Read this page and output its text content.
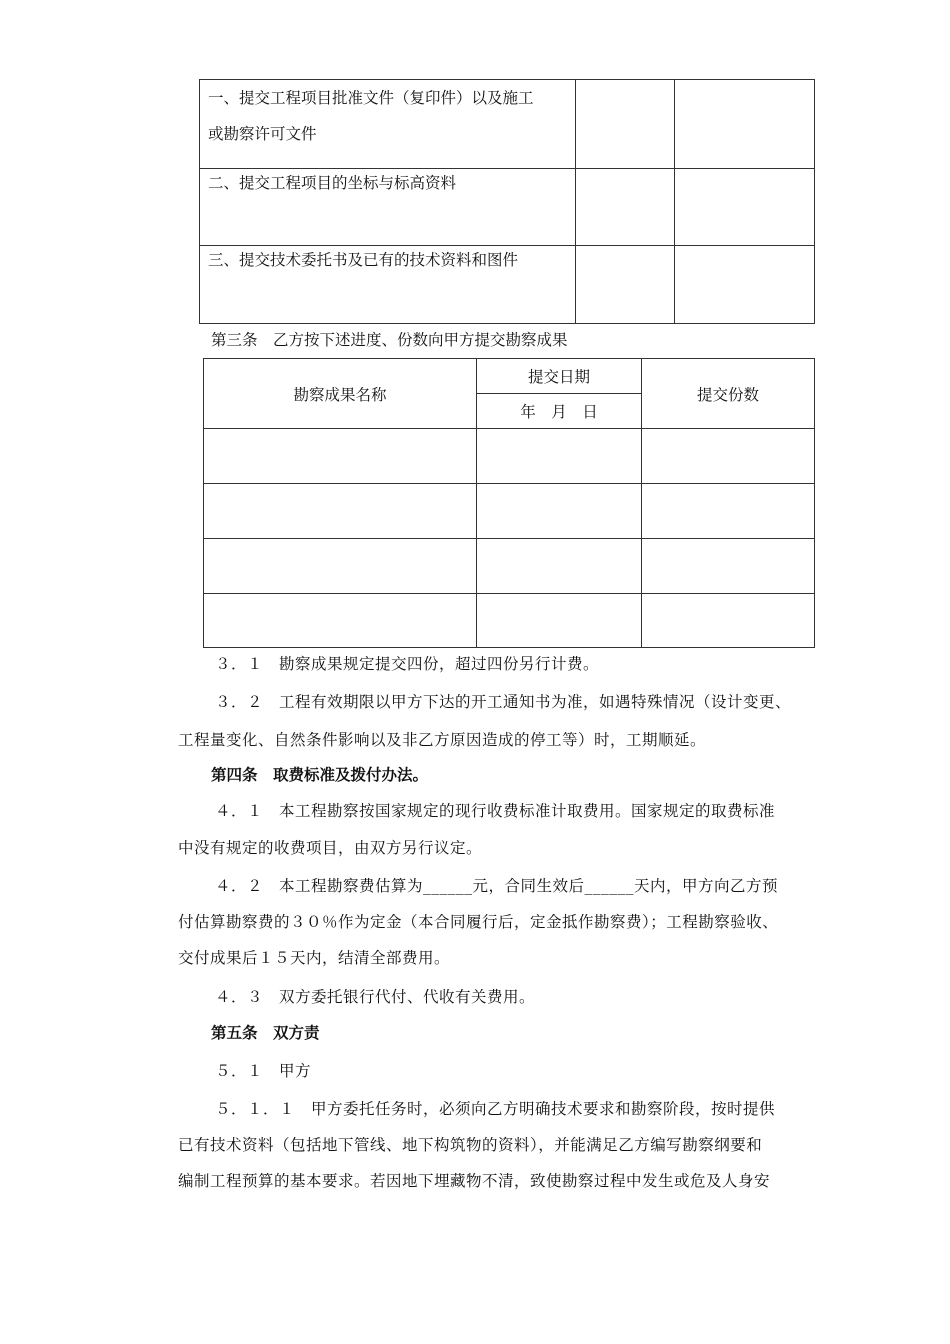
一、提交工程项目批准文件（复印件）以及施工
或勘察许可文件		

二、提交工程项目的坐标与标高资料		

三、提交技术委托书及已有的技术资料和图件		

第三条　乙方按下述进度、份数向甲方提交勘察成果
勘察成果名称	提交日期	提交份数
	年　月　日	

３．１　勘察成果规定提交四份，超过四份另行计费。
３．２　工程有效期限以甲方下达的开工通知书为准，如遇特殊情况（设计变更、
工程量变化、自然条件影响以及非乙方原因造成的停工等）时，工期顺延。
第四条　取费标准及拨付办法。
４．１　本工程勘察按国家规定的现行收费标准计取费用。国家规定的取费标准
中没有规定的收费项目，由双方另行议定。
４．２　本工程勘察费估算为______元，合同生效后______天内，甲方向乙方预
付估算勘察费的３０％作为定金（本合同履行后，定金抵作勘察费）；工程勘察验收、
交付成果后１５天内，结清全部费用。
４．３　双方委托银行代付、代收有关费用。
第五条　双方责
５．１　甲方
５．１．１　甲方委托任务时，必须向乙方明确技术要求和勘察阶段，按时提供
已有技术资料（包括地下管线、地下构筑物的资料），并能满足乙方编写勘察纲要和
编制工程预算的基本要求。若因地下埋藏物不清，致使勘察过程中发生或危及人身安
